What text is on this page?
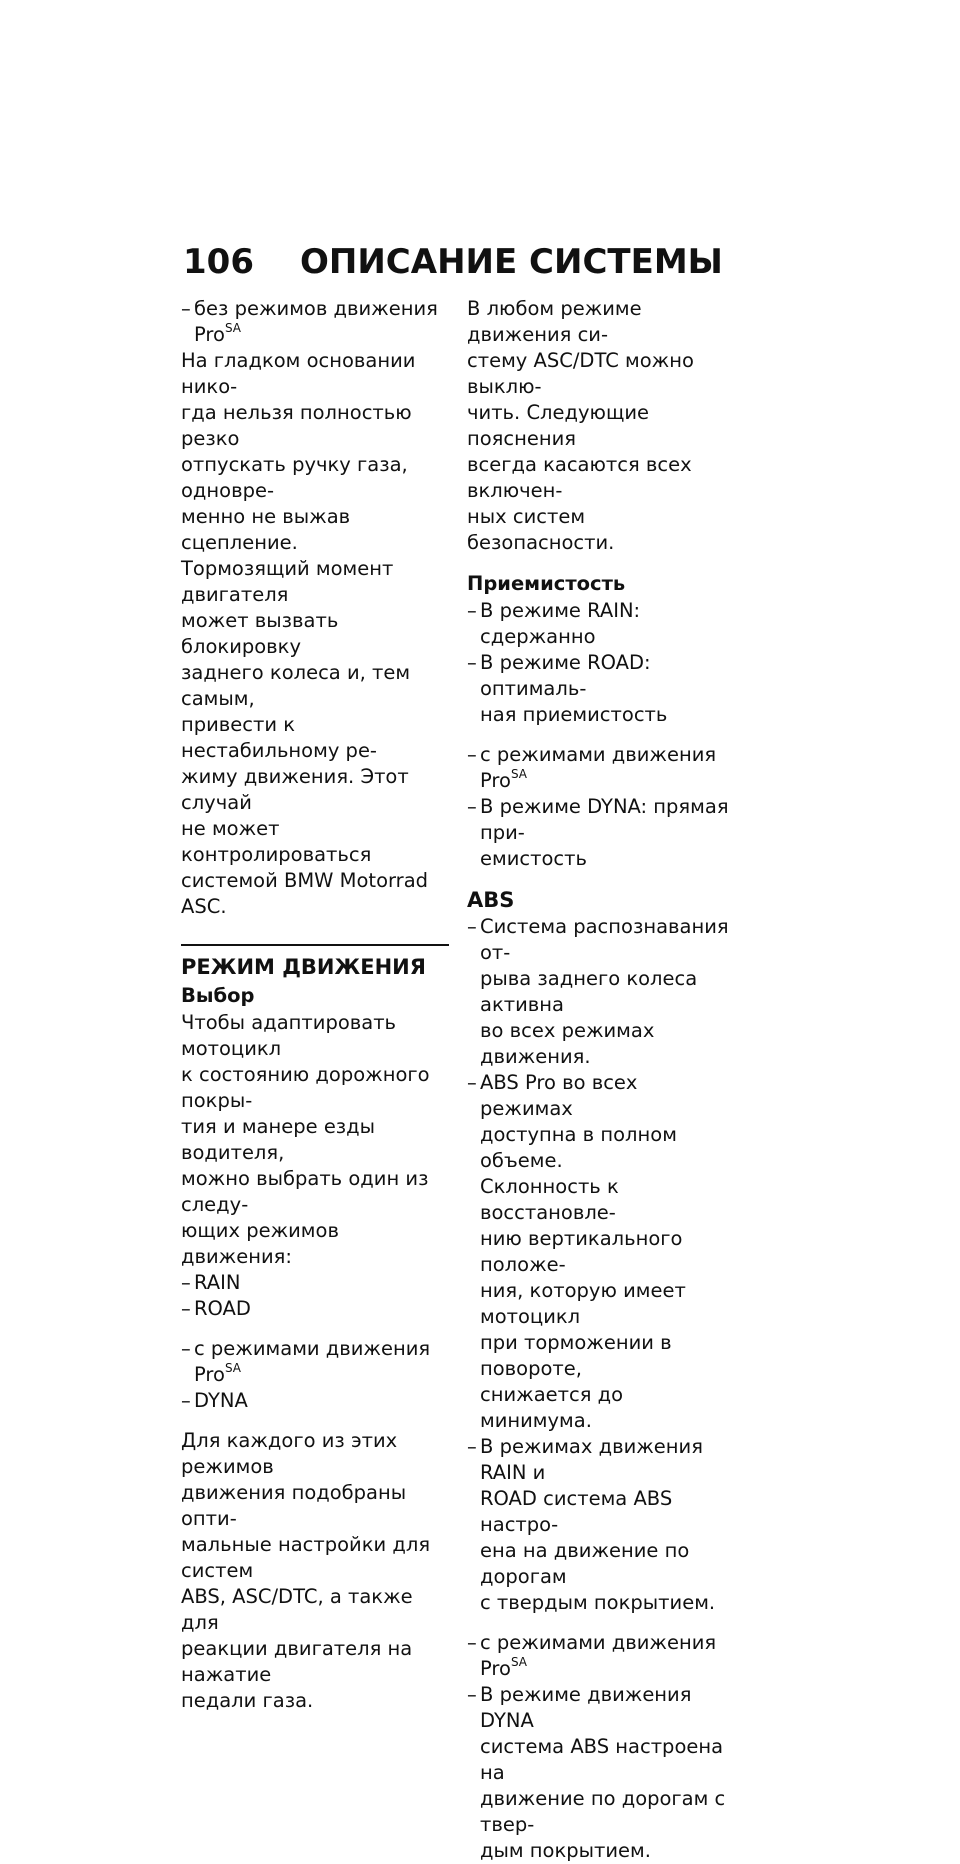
106 ОПИСАНИЕ СИСТЕМЫ

– без режимов движения Pro$^{SA}$

На гладком основании нико-
гда нельзя полностью резко
отпускать ручку газа, одновре-
менно не выжав сцепление.
Тормозящий момент двигателя
может вызвать блокировку
заднего колеса и, тем самым,
привести к нестабильному ре-
жиму движения. Этот случай
не может контролироваться
системой BMW Motorrad ASC.
РЕЖИМ ДВИЖЕНИЯ
Выбор
Чтобы адаптировать мотоцикл
к состоянию дорожного покры-
тия и манере езды водителя,
можно выбрать один из следу-
ющих режимов движения:

– RAIN

– ROAD

– с режимами движения Pro$^{SA}$

– DYNA

Для каждого из этих режимов
движения подобраны опти-
мальные настройки для систем
ABS, ASC/DTC, а также для
реакции двигателя на нажатие
педали газа.
В любом режиме движения си-
стему ASC/DTC можно выклю-
чить. Следующие пояснения
всегда касаются всех включен-
ных систем безопасности.
Приемистость

– В режиме RAIN: сдержанно

– В режиме ROAD: оптималь-
ная приемистость

– с режимами движения Pro$^{SA}$

– В режиме DYNA: прямая при-
емистость
ABS
– Система распознавания от-
рыва заднего колеса активна
во всех режимах движения.
– ABS Pro во всех режимах
доступна в полном объеме.
Склонность к восстановле-
нию вертикального положе-
ния, которую имеет мотоцикл
при торможении в повороте,
снижается до минимума.
– В режимах движения RAIN и
ROAD система ABS настро-
ена на движение по дорогам
с твердым покрытием.

– с режимами движения Pro$^{SA}$

– В режиме движения DYNA
система ABS настроена на
движение по дорогам с твер-
дым покрытием.
